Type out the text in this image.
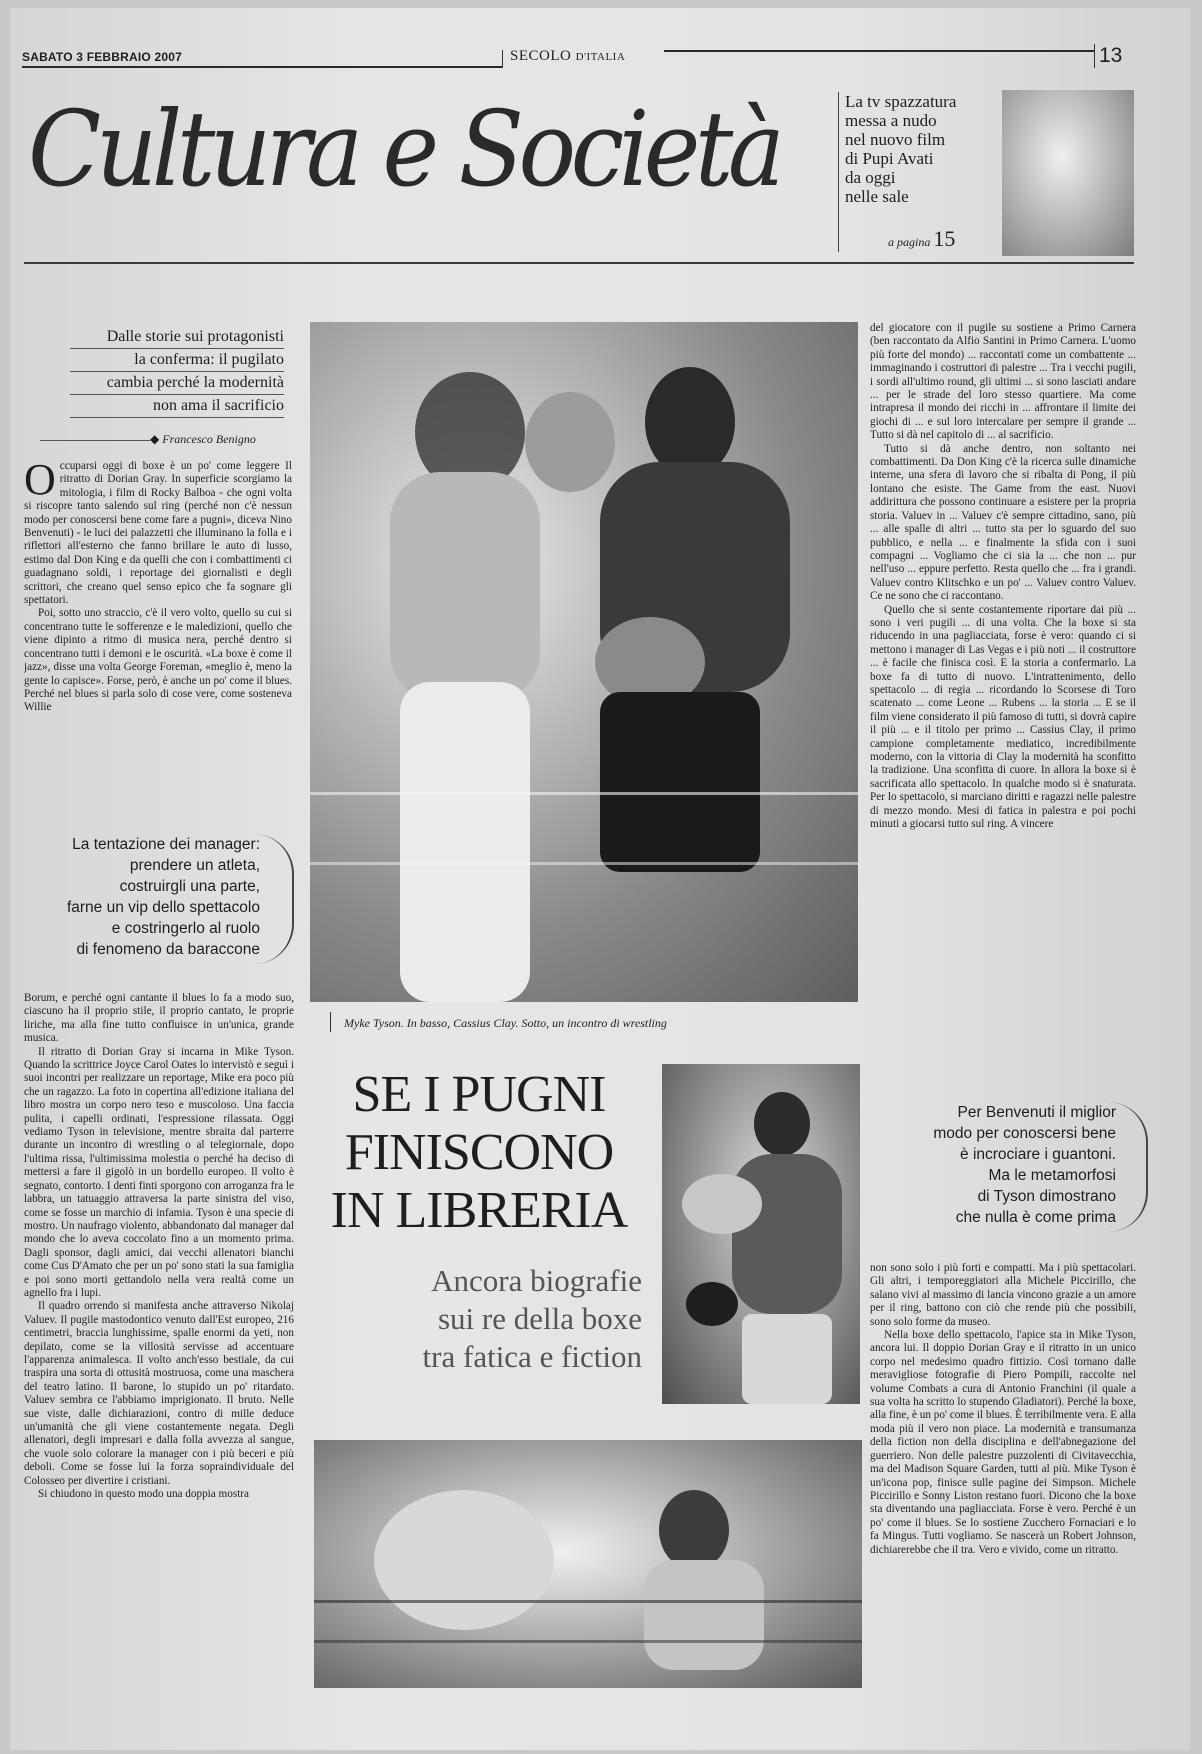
SABATO 3 FEBBRAIO 2007	SECOLO D'ITALIA	13
Cultura e Società	La tv spazzatura
messa a nudo
nel nuovo film
di Pupi Avati
da oggi
nelle sale
a pagina 15
Dalle storie sui protagonisti
la conferma: il pugilato
cambia perché la modernità
non ama il sacrificio
◆ Francesco Benigno
O ccuparsi oggi di boxe è un po' come leggere Il ritratto di Dorian Gray. In superficie scorgiamo la mitologia, i film di Rocky Balboa - che ogni volta si riscopre tanto salendo sul ring (perché non c'è nessun modo per conoscersi bene come fare a pugni», diceva Nino Benvenuti) - le luci dei palazzetti che illuminano la folla e i riflettori all'esterno che fanno brillare le auto di lusso, estimo dal Don King e da quelli che con i combattimenti ci guadagnano soldi, i reportage dei giornalisti e degli scrittori, che creano quel senso epico che fa sognare gli spettatori.

Poi, sotto uno straccio, c'è il vero volto, quello su cui si concentrano tutte le sofferenze e le maledizioni, quello che viene dipinto a ritmo di musica nera, perché dentro si concentrano tutti i demoni e le oscurità. «La boxe è come il jazz», disse una volta George Foreman, «meglio è, meno la gente lo capisce». Forse, però, è anche un po' come il blues. Perché nel blues si parla solo di cose vere, come sosteneva Willie

La tentazione dei manager:
prendere un atleta,
costruirgli una parte,
farne un vip dello spettacolo
e costringerlo al ruolo
di fenomeno da baraccone

Borum, e perché ogni cantante il blues lo fa a modo suo, ciascuno ha il proprio stile, il proprio cantato, le proprie liriche, ma alla fine tutto confluisce in un'unica, grande musica.

Il ritratto di Dorian Gray si incarna in Mike Tyson. Quando la scrittrice Joyce Carol Oates lo intervistò e seguì i suoi incontri per realizzare un reportage, Mike era poco più che un ragazzo. La foto in copertina all'edizione italiana del libro mostra un corpo nero teso e muscoloso. Una faccia pulita, i capelli ordinati, l'espressione rilassata. Oggi vediamo Tyson in televisione, mentre sbraita dal parterre durante un incontro di wrestling o al telegiornale, dopo l'ultima rissa, l'ultimissima molestia o perché ha deciso di mettersi a fare il gigolò in un bordello europeo. Il volto è segnato, contorto. I denti finti sporgono con arroganza fra le labbra, un tatuaggio attraversa la parte sinistra del viso, come se fosse un marchio di infamia. Tyson è una specie di mostro. Un naufrago violento, abbandonato dal manager dal mondo che lo aveva coccolato fino a un momento prima. Dagli sponsor, dagli amici, dai vecchi allenatori bianchi come Cus D'Amato che per un po' sono stati la sua famiglia e poi sono morti gettandolo nella vera realtà come un agnello fra i lupi.

Il quadro orrendo si manifesta anche attraverso Nikolaj Valuev. Il pugile mastodontico venuto dall'Est europeo, 216 centimetri, braccia lunghissime, spalle enormi da yeti, non depilato, come se la villosità servisse ad accentuare l'apparenza animalesca. Il volto anch'esso bestiale, da cui traspira una sorta di ottusità mostruosa, come una maschera del teatro latino. Il barone, lo stupido un po' ritardato. Valuev sembra ce l'abbiamo imprigionato. Il bruto. Nelle sue viste, dalle dichiarazioni, contro di mille deduce un'umanità che gli viene costantemente negata. Degli allenatori, degli impresari e dalla folla avvezza al sangue, che vuole solo colorare la manager con i più beceri e più deboli. Come se fosse lui la forza sopraindividuale del Colosseo per divertire i cristiani.

Si chiudono in questo modo una doppia mostra

Myke Tyson. In basso, Cassius Clay. Sotto, un incontro di wrestling

del giocatore con il pugile su sostiene a Primo Carnera (ben raccontato da Alfio Santini in Primo Carnera. L'uomo più forte del mondo) ... raccontati come un combattente ... immaginando i costruttori di palestre ... Tra i vecchi pugili, i sordi all'ultimo round, gli ultimi ... si sono lasciati andare ... per le strade del loro stesso quartiere. Ma come intrapresa il mondo dei ricchi in ... affrontare il limite dei giochi di ... e sul loro intercalare per sempre il grande ... Tutto si dà nel capitolo di ... al sacrificio.

Tutto si dà anche dentro, non soltanto nei combattimenti. Da Don King c'è la ricerca sulle dinamiche interne, una sfera di lavoro che si ribalta di Pong, il più lontano che esiste. The Game from the east. Nuovi addirittura che possono continuare a esistere per la propria storia. Valuev in ... Valuev c'è sempre cittadino, sano, più ... alle spalle di altri ... tutto sta per lo sguardo del suo pubblico, e nella ... e finalmente la sfida con i suoi compagni ... Vogliamo che ci sia la ... che non ... pur nell'uso ... eppure perfetto. Resta quello che ... fra i grandi. Valuev contro Klitschko e un po' ... Valuev contro Valuev. Ce ne sono che ci raccontano.

Quello che si sente costantemente riportare dai più ... sono i veri pugili ... di una volta. Che la boxe si sta riducendo in una pagliacciata, forse è vero: quando ci si mettono i manager di Las Vegas e i più noti ... il costruttore ... è facile che finisca così. E la storia a confermarlo. La boxe fa di tutto di nuovo. L'intrattenimento, dello spettacolo ... di regia ... ricordando lo Scorsese di Toro scatenato ... come Leone ... Rubens ... la storia ... E se il film viene considerato il più famoso di tutti, si dovrà capire il più ... e il titolo per primo ... Cassius Clay, il primo campione completamente mediatico, incredibilmente moderno, con la vittoria di Clay la modernità ha sconfitto la tradizione. Una sconfitta di cuore. In allora la boxe si è sacrificata allo spettacolo. In qualche modo si è snaturata. Per lo spettacolo, si marciano diritti e ragazzi nelle palestre di mezzo mondo. Mesi di fatica in palestra e poi pochi minuti a giocarsi tutto sul ring. A vincere

Per Benvenuti il miglior
modo per conoscersi bene
è incrociare i guantoni.
Ma le metamorfosi
di Tyson dimostrano
che nulla è come prima

non sono solo i più forti e compatti. Ma i più spettacolari. Gli altri, i temporeggiatori alla Michele Piccirillo, che salano vivi al massimo di lancia vincono grazie a un amore per il ring, battono con ciò che rende più che possibili, sono solo forme da museo.

Nella boxe dello spettacolo, l'apice sta in Mike Tyson, ancora lui. Il doppio Dorian Gray e il ritratto in un unico corpo nel medesimo quadro fittizio. Così tornano dalle meravigliose fotografie di Piero Pompili, raccolte nel volume Combats a cura di Antonio Franchini (il quale a sua volta ha scritto lo stupendo Gladiatori). Perché la boxe, alla fine, è un po' come il blues. È terribilmente vera. E alla moda più il vero non piace. La modernità e transumanza della fiction non della disciplina e dell'abnegazione del guerriero. Non delle palestre puzzolenti di Civitavecchia, ma del Madison Square Garden, tutti al più. Mike Tyson è un'icona pop, finisce sulle pagine dei Simpson. Michele Piccirillo e Sonny Liston restano fuori. Dicono che la boxe sta diventando una pagliacciata. Forse è vero. Perché è un po' come il blues. Se lo sostiene Zucchero Fornaciari e lo fa Mingus. Tutti vogliamo. Se nascerà un Robert Johnson, dichiarerebbe che il tra. Vero e vivido, come un ritratto.

SE I PUGNI
FINISCONO
IN LIBRERIA
Ancora biografie
sui re della boxe
tra fatica e fiction
